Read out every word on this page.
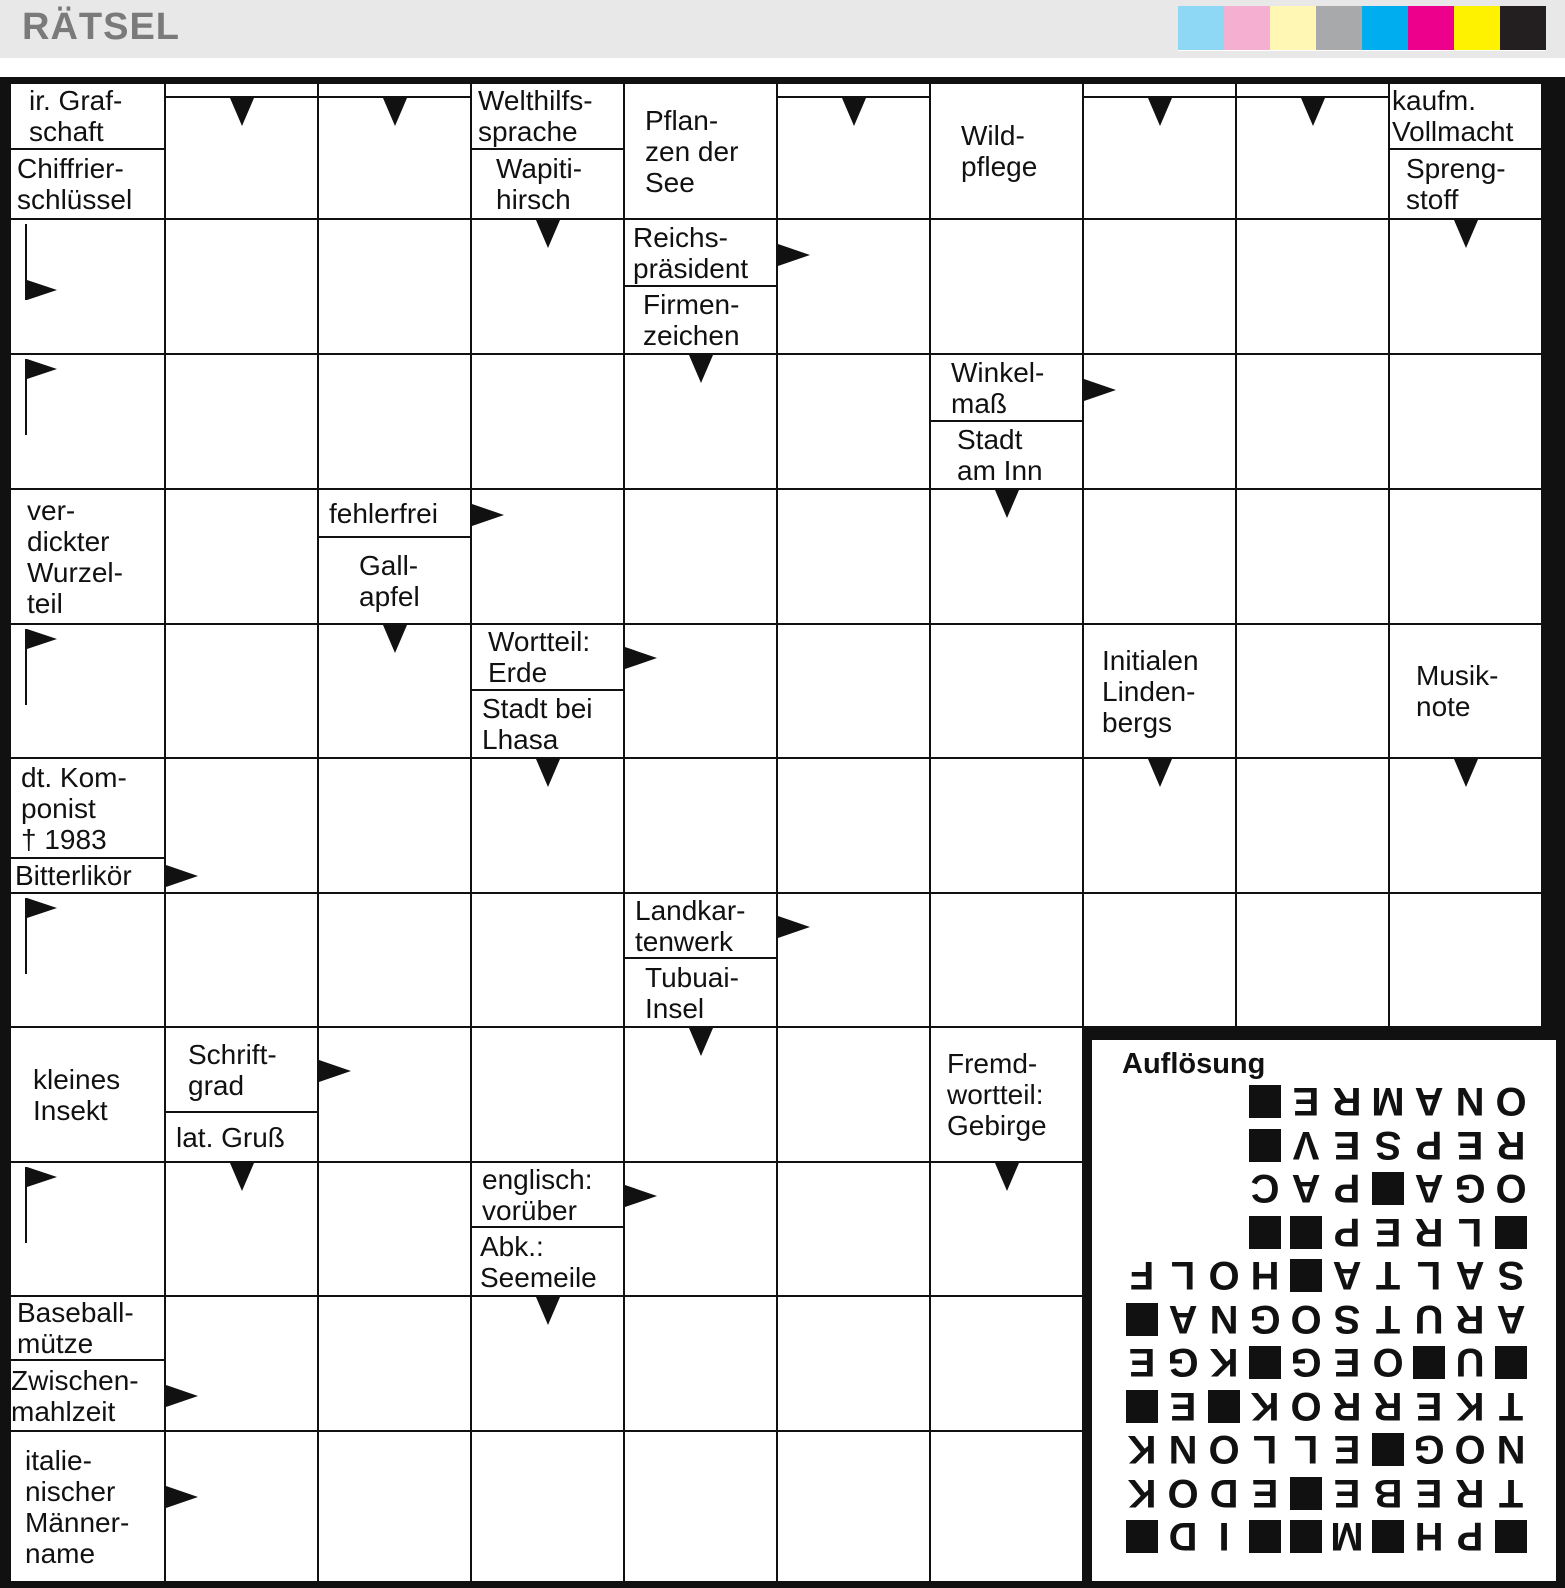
RÄTSEL
ir. Graf-
schaft
Chiffrier-
schlüssel
Welthilfs-
sprache
Wapiti-
hirsch
Pflan-
zen der
See
Wild-
pflege
kaufm.
Vollmacht
Spreng-
stoff
Reichs-
präsident
Firmen-
zeichen
Winkel-
maß
Stadt
am Inn
ver-
dickter
Wurzel-
teil
fehlerfrei
Gall-
apfel
Wortteil:
Erde
Stadt bei
Lhasa
Initialen
Linden-
bergs
Musik-
note
dt. Kom-
ponist
† 1983
Bitterlikör
Landkar-
tenwerk
Tubuai-
Insel
kleines
Insekt
Schrift-
grad
lat. Gruß
Fremd-
wortteil:
Gebirge
englisch:
vorüber
Abk.:
Seemeile
Baseball-
mütze
Zwischen-
mahlzeit
italie-
nischer
Männer-
name
Auflösung
E R M A N O
V E S P E R
C A P A G O
P E R L
F L O H A T L A S
A N G O S T U R A
E G K G E O U
E K O R R E K T
K N O L L E G O N
K O D E E B E R T
D I	M H P
